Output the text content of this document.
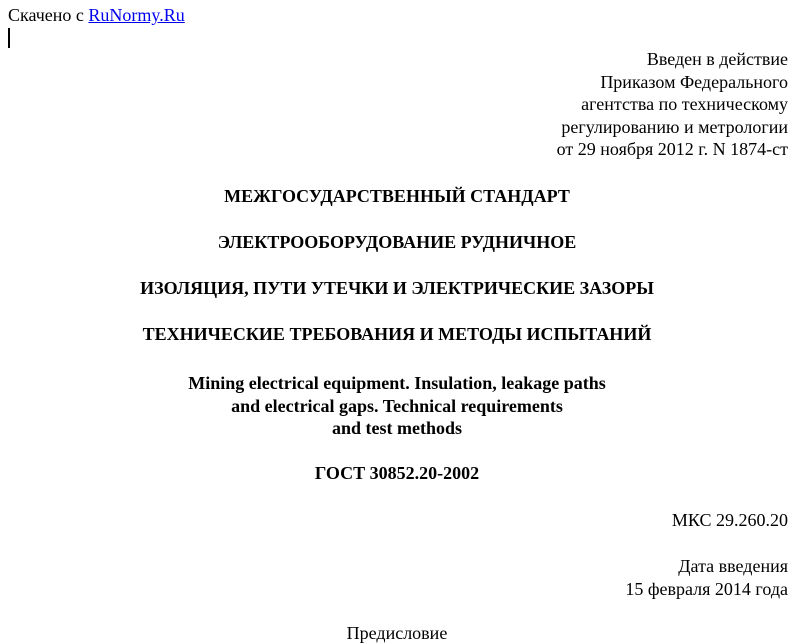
Скачено с RuNormy.Ru
Введен в действие
Приказом Федерального
агентства по техническому
регулированию и метрологии
от 29 ноября 2012 г. N 1874-ст
МЕЖГОСУДАРСТВЕННЫЙ СТАНДАРТ
ЭЛЕКТРООБОРУДОВАНИЕ РУДНИЧНОЕ
ИЗОЛЯЦИЯ, ПУТИ УТЕЧКИ И ЭЛЕКТРИЧЕСКИЕ ЗАЗОРЫ
ТЕХНИЧЕСКИЕ ТРЕБОВАНИЯ И МЕТОДЫ ИСПЫТАНИЙ
Mining electrical equipment. Insulation, leakage paths
and electrical gaps. Technical requirements
and test methods
ГОСТ 30852.20-2002
МКС 29.260.20
Дата введения
15 февраля 2014 года
Предисловие
